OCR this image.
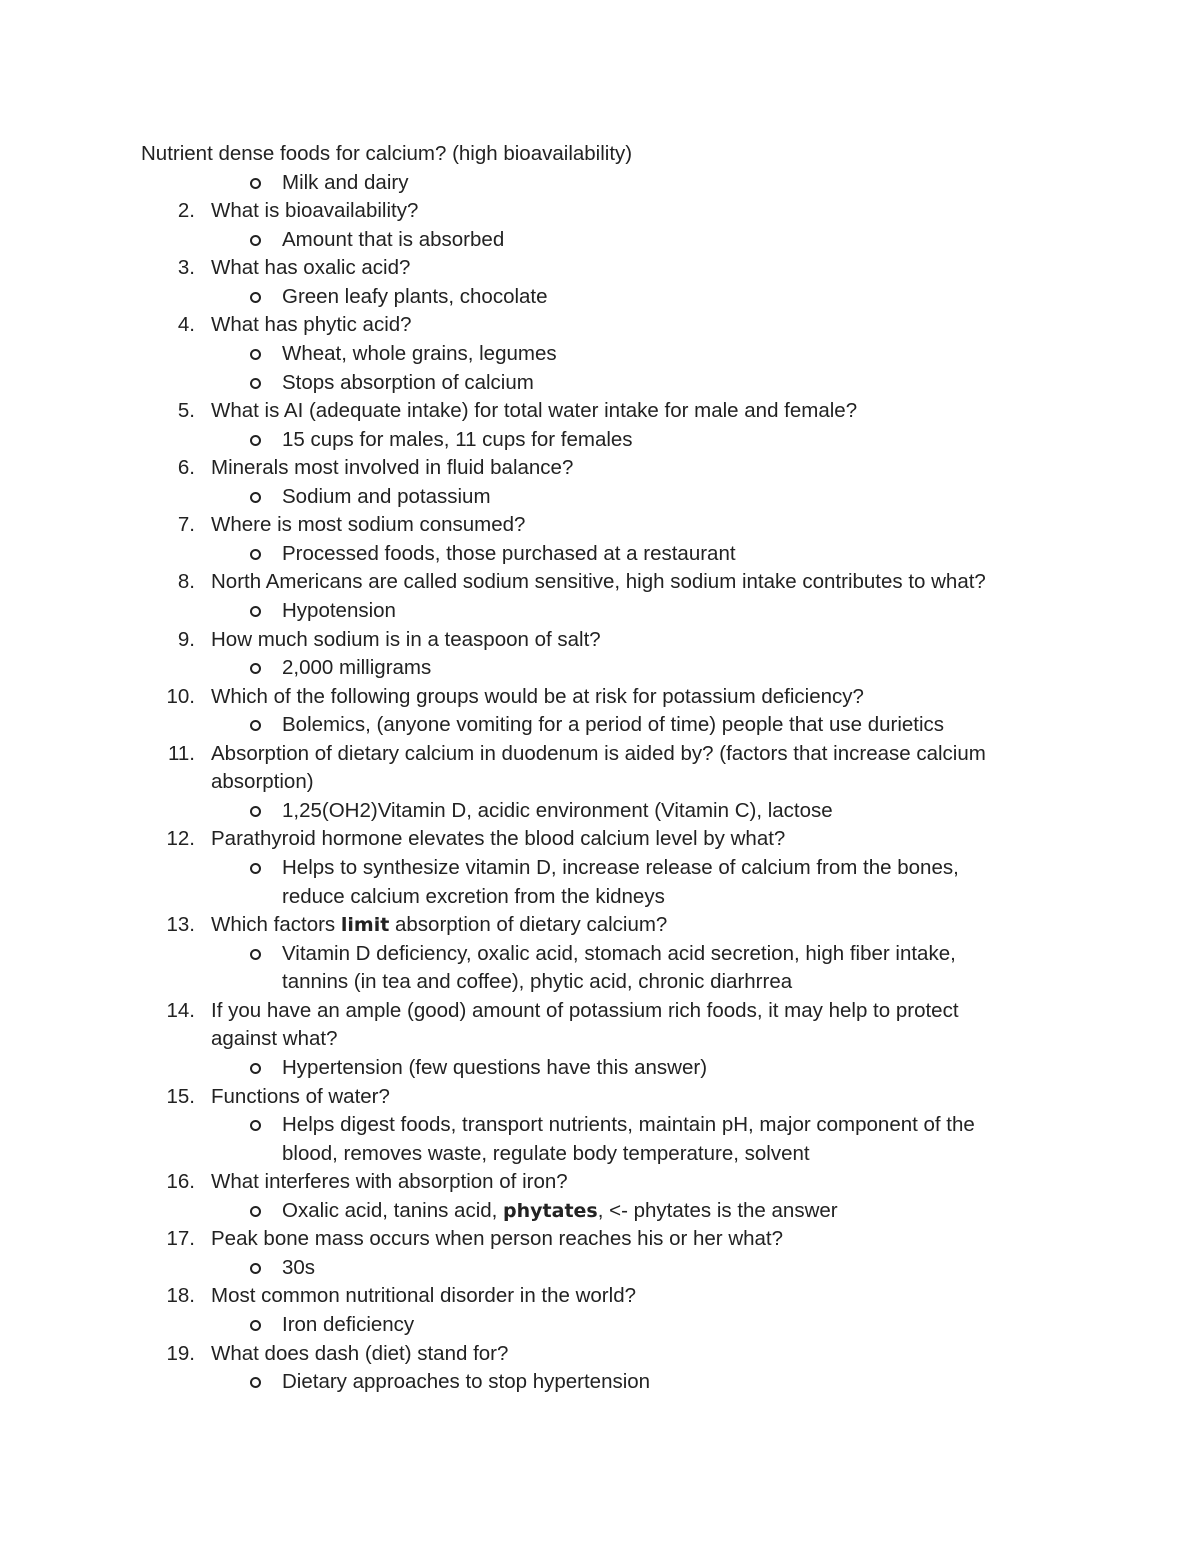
Nutrient dense foods for calcium? (high bioavailability)
Milk and dairy
2. What is bioavailability?
Amount that is absorbed
3. What has oxalic acid?
Green leafy plants, chocolate
4. What has phytic acid?
Wheat, whole grains, legumes
Stops absorption of calcium
5. What is AI (adequate intake) for total water intake for male and female?
15 cups for males, 11 cups for females
6. Minerals most involved in fluid balance?
Sodium and potassium
7. Where is most sodium consumed?
Processed foods, those purchased at a restaurant
8. North Americans are called sodium sensitive, high sodium intake contributes to what?
Hypotension
9. How much sodium is in a teaspoon of salt?
2,000 milligrams
10. Which of the following groups would be at risk for potassium deficiency?
Bolemics, (anyone vomiting for a period of time) people that use durietics
11. Absorption of dietary calcium in duodenum is aided by? (factors that increase calcium
absorption)
1,25(OH2)Vitamin D, acidic environment (Vitamin C), lactose
12. Parathyroid hormone elevates the blood calcium level by what?
Helps to synthesize vitamin D, increase release of calcium from the bones,
reduce calcium excretion from the kidneys
13. Which factors limit absorption of dietary calcium?
Vitamin D deficiency, oxalic acid, stomach acid secretion, high fiber intake,
tannins (in tea and coffee), phytic acid, chronic diarhrrea
14. If you have an ample (good) amount of potassium rich foods, it may help to protect
against what?
Hypertension (few questions have this answer)
15. Functions of water?
Helps digest foods, transport nutrients, maintain pH, major component of the
blood, removes waste, regulate body temperature, solvent
16. What interferes with absorption of iron?
Oxalic acid, tanins acid, phytates, <- phytates is the answer
17. Peak bone mass occurs when person reaches his or her what?
30s
18. Most common nutritional disorder in the world?
Iron deficiency
19. What does dash (diet) stand for?
Dietary approaches to stop hypertension
